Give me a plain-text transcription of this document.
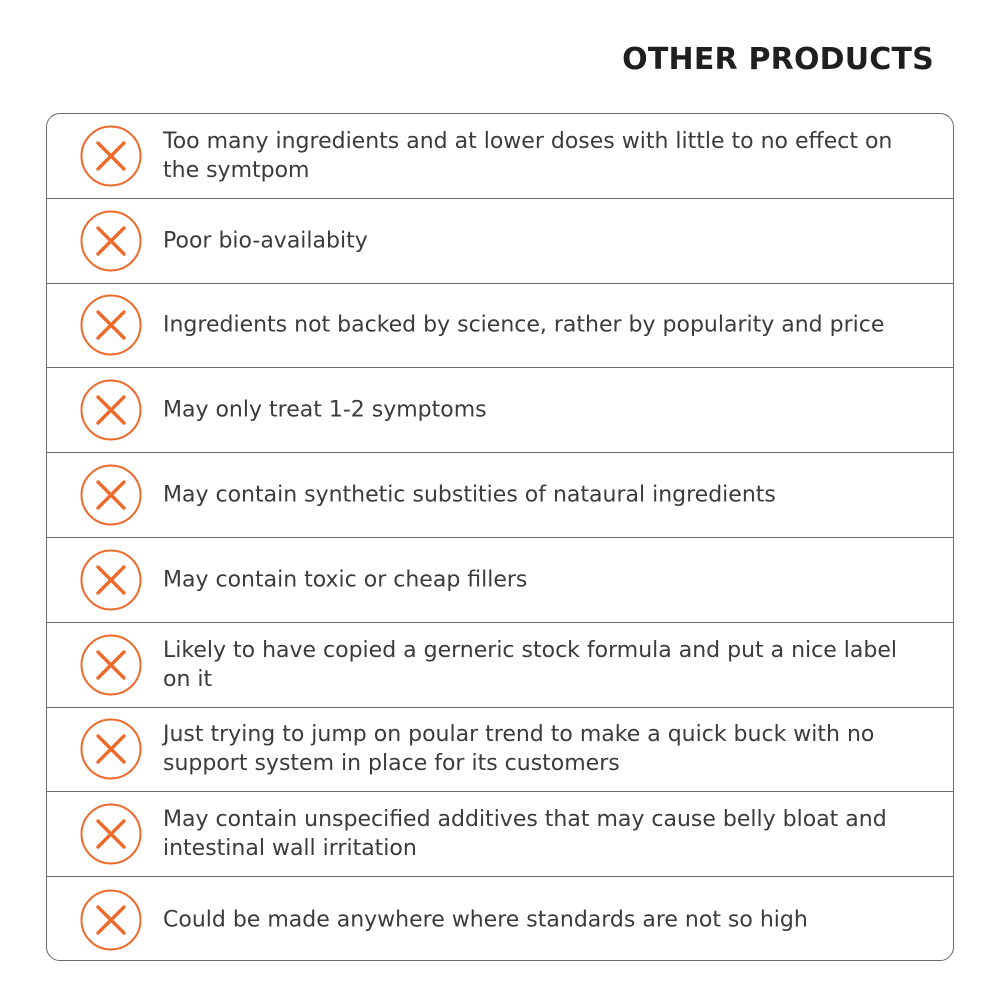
OTHER PRODUCTS
Too many ingredients and at lower doses with little to no effect on the symtpom
Poor bio-availabity
Ingredients not backed by science, rather by popularity and price
May only treat 1-2 symptoms
May contain synthetic substities of nataural ingredients
May contain toxic or cheap fillers
Likely to have copied a gerneric stock formula and put a nice label on it
Just trying to jump on poular trend to make a quick buck with no support system in place for its customers
May contain unspecified additives that may cause belly bloat and intestinal wall irritation
Could be made anywhere where standards are not so high
